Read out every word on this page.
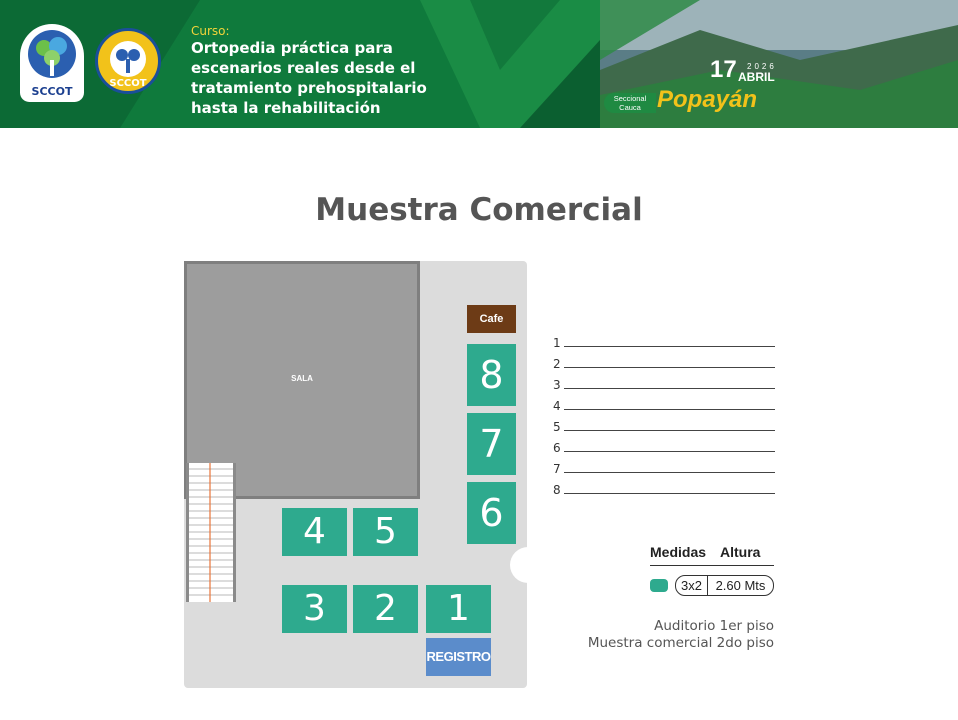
SCCOT
SCCOT
Curso:
Ortopedia práctica para escenarios reales desde el tratamiento prehospitalario hasta la rehabilitación
17 2026
ABRIL
Seccional Cauca Popayán
Muestra Comercial
SALA
Cafe
8
7
6
4	5
3	2	1
REGISTRO
1
2
3
4
5
6
7
8
Medidas Altura
3x2	2.60 Mts
Auditorio 1er piso
Muestra comercial 2do piso
